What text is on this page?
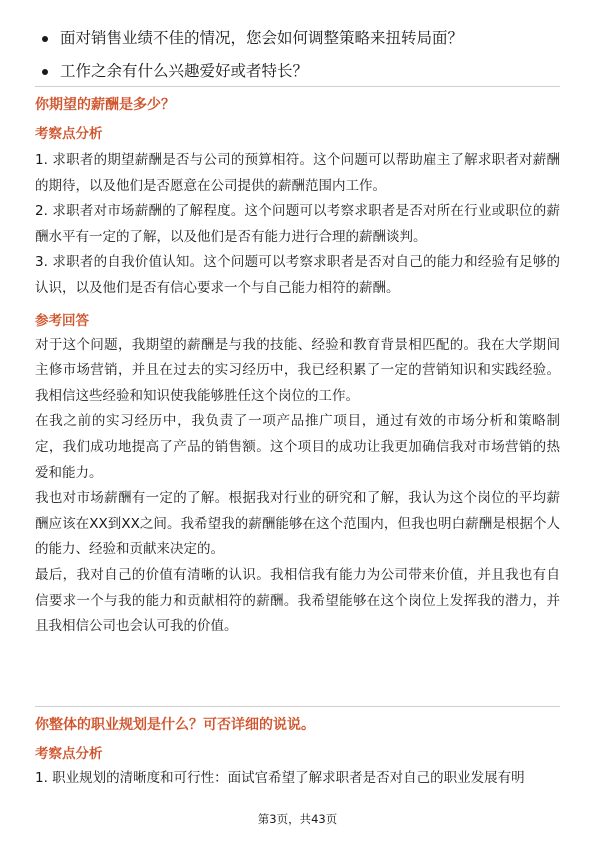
面对销售业绩不佳的情况，您会如何调整策略来扭转局面？
工作之余有什么兴趣爱好或者特长？
你期望的薪酬是多少？
考察点分析
1. 求职者的期望薪酬是否与公司的预算相符。这个问题可以帮助雇主了解求职者对薪酬的期待，以及他们是否愿意在公司提供的薪酬范围内工作。
2. 求职者对市场薪酬的了解程度。这个问题可以考察求职者是否对所在行业或职位的薪酬水平有一定的了解，以及他们是否有能力进行合理的薪酬谈判。
3. 求职者的自我价值认知。这个问题可以考察求职者是否对自己的能力和经验有足够的认识，以及他们是否有信心要求一个与自己能力相符的薪酬。
参考回答
对于这个问题，我期望的薪酬是与我的技能、经验和教育背景相匹配的。我在大学期间主修市场营销，并且在过去的实习经历中，我已经积累了一定的营销知识和实践经验。我相信这些经验和知识使我能够胜任这个岗位的工作。
在我之前的实习经历中，我负责了一项产品推广项目，通过有效的市场分析和策略制定，我们成功地提高了产品的销售额。这个项目的成功让我更加确信我对市场营销的热爱和能力。
我也对市场薪酬有一定的了解。根据我对行业的研究和了解，我认为这个岗位的平均薪酬应该在XX到XX之间。我希望我的薪酬能够在这个范围内，但我也明白薪酬是根据个人的能力、经验和贡献来决定的。
最后，我对自己的价值有清晰的认识。我相信我有能力为公司带来价值，并且我也有自信要求一个与我的能力和贡献相符的薪酬。我希望能够在这个岗位上发挥我的潜力，并且我相信公司也会认可我的价值。
你整体的职业规划是什么？可否详细的说说。
考察点分析
1. 职业规划的清晰度和可行性：面试官希望了解求职者是否对自己的职业发展有明
第3页，共43页
